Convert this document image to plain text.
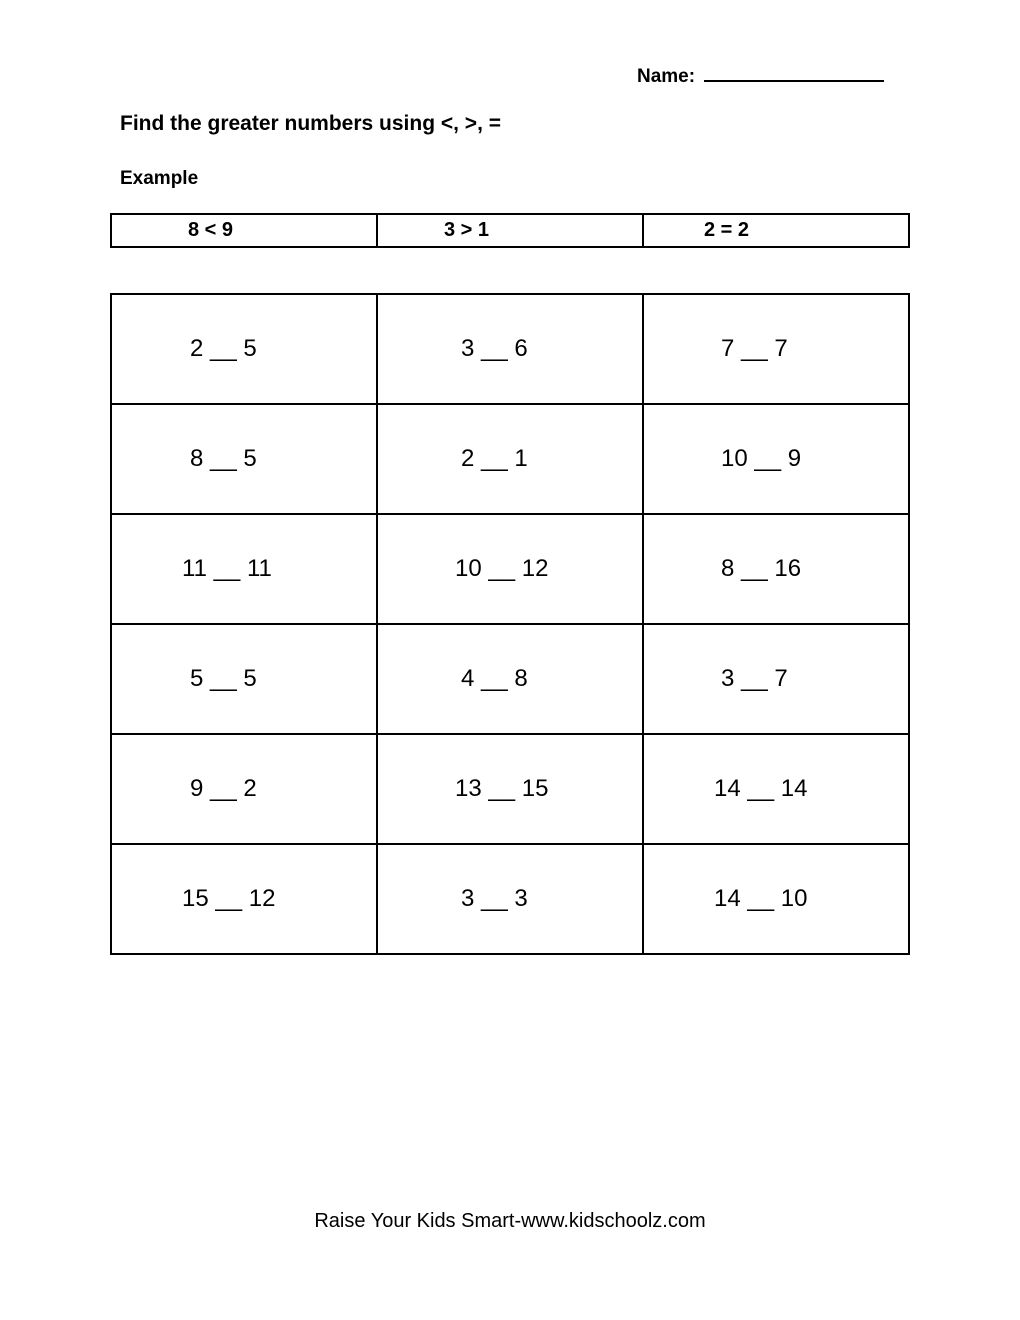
Name:
Find the greater numbers using <, >, =
Example
8 < 9	3 > 1	2 = 2
2 __ 5	3 __ 6	7 __ 7
8 __ 5	2 __ 1	10 __ 9
11 __ 11	10 __ 12	8 __ 16
5 __ 5	4 __ 8	3 __ 7
9 __ 2	13 __ 15	14 __ 14
15 __ 12	3 __ 3	14 __ 10
Raise Your Kids Smart-www.kidschoolz.com
